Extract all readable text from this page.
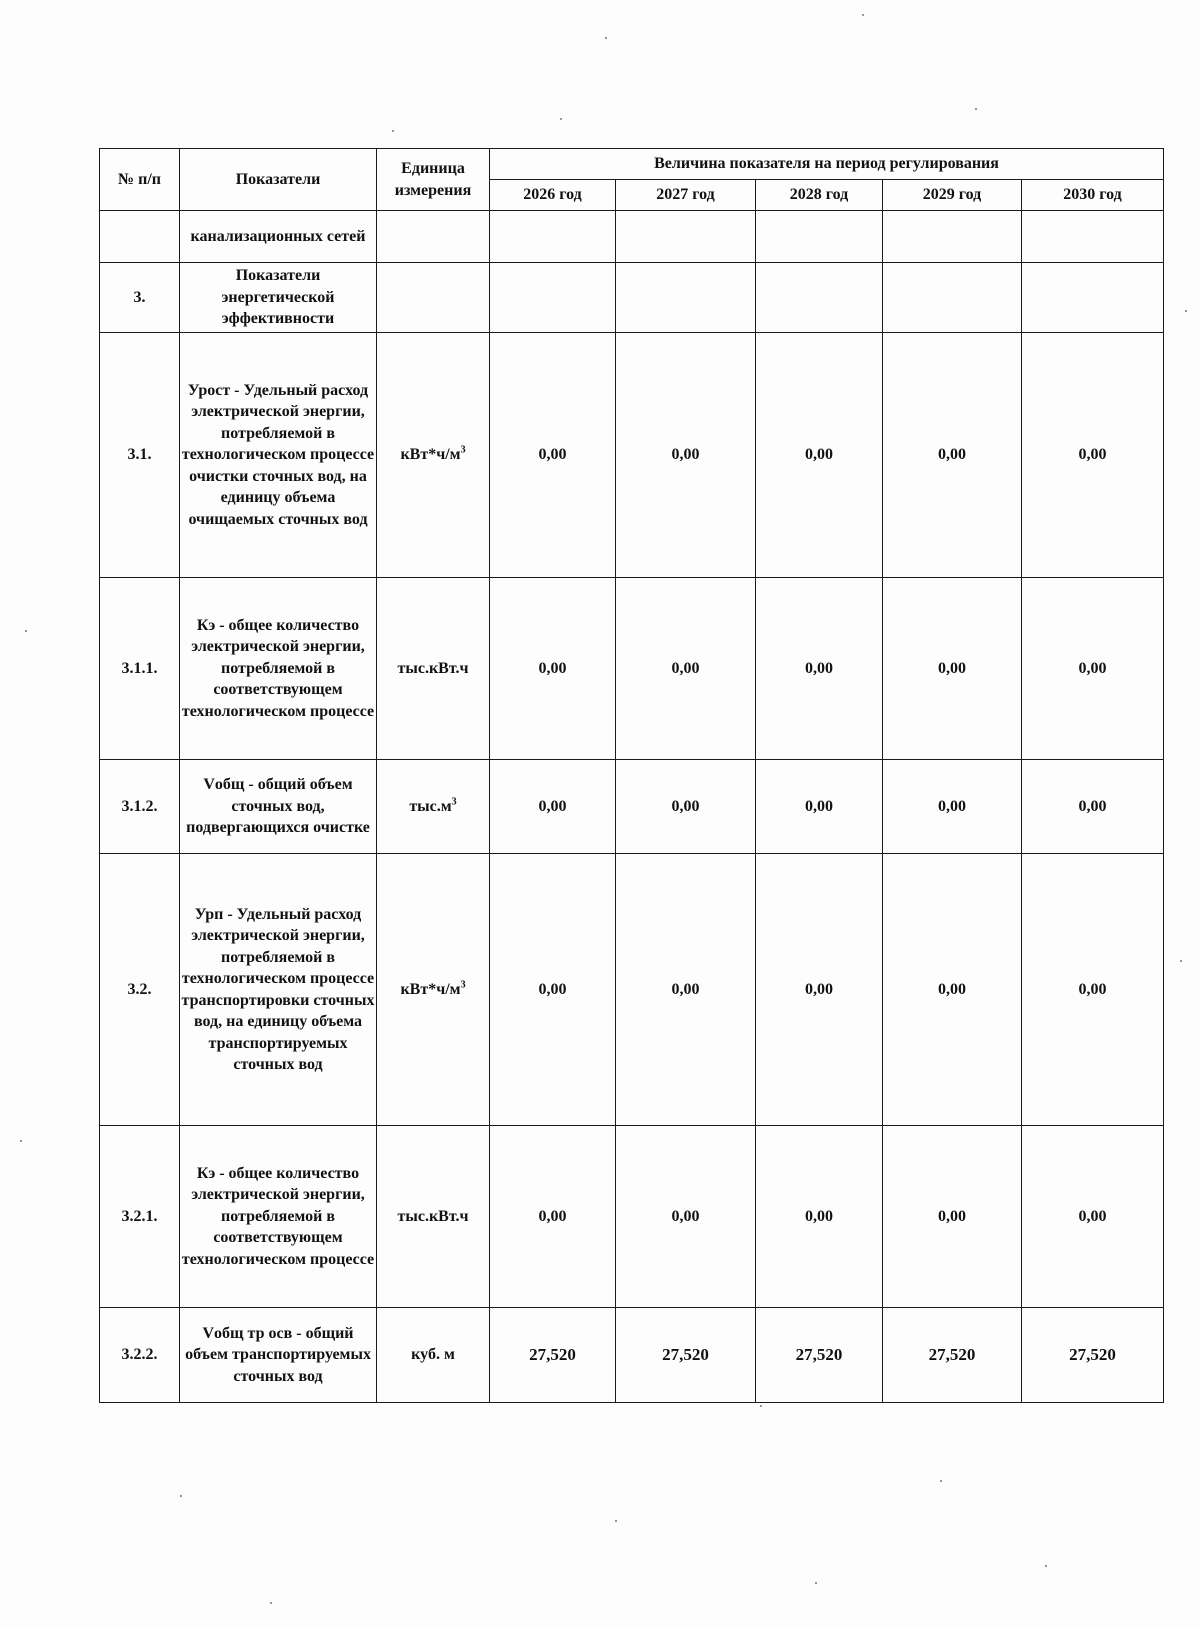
№ п/п	Показатели	Единица измерения	Величина показателя на период регулирования				
			2026 год	2027 год	2028 год	2029 год	2030 год
	канализационных сетей						
3.	Показатели энергетической эффективности						
3.1.	Урост - Удельный расход электрической энергии, потребляемой в технологическом процессе очистки сточных вод, на единицу объема очищаемых сточных вод	$кВт*ч/м^3$	0,00	0,00	0,00	0,00	0,00
3.1.1.	Кэ - общее количество электрической энергии, потребляемой в соответствующем технологическом процессе	тыс.кВт.ч	0,00	0,00	0,00	0,00	0,00
3.1.2.	Vобщ - общий объем сточных вод, подвергающихся очистке	$тыс.м^3$	0,00	0,00	0,00	0,00	0,00
3.2.	Урп - Удельный расход электрической энергии, потребляемой в технологическом процессе транспортировки сточных вод, на единицу объема транспортируемых сточных вод	$кВт*ч/м^3$	0,00	0,00	0,00	0,00	0,00
3.2.1.	Кэ - общее количество электрической энергии, потребляемой в соответствующем технологическом процессе	тыс.кВт.ч	0,00	0,00	0,00	0,00	0,00
3.2.2.	Vобщ тр осв - общий объем транспортируемых сточных вод	куб. м	27,520	27,520	27,520	27,520	27,520
